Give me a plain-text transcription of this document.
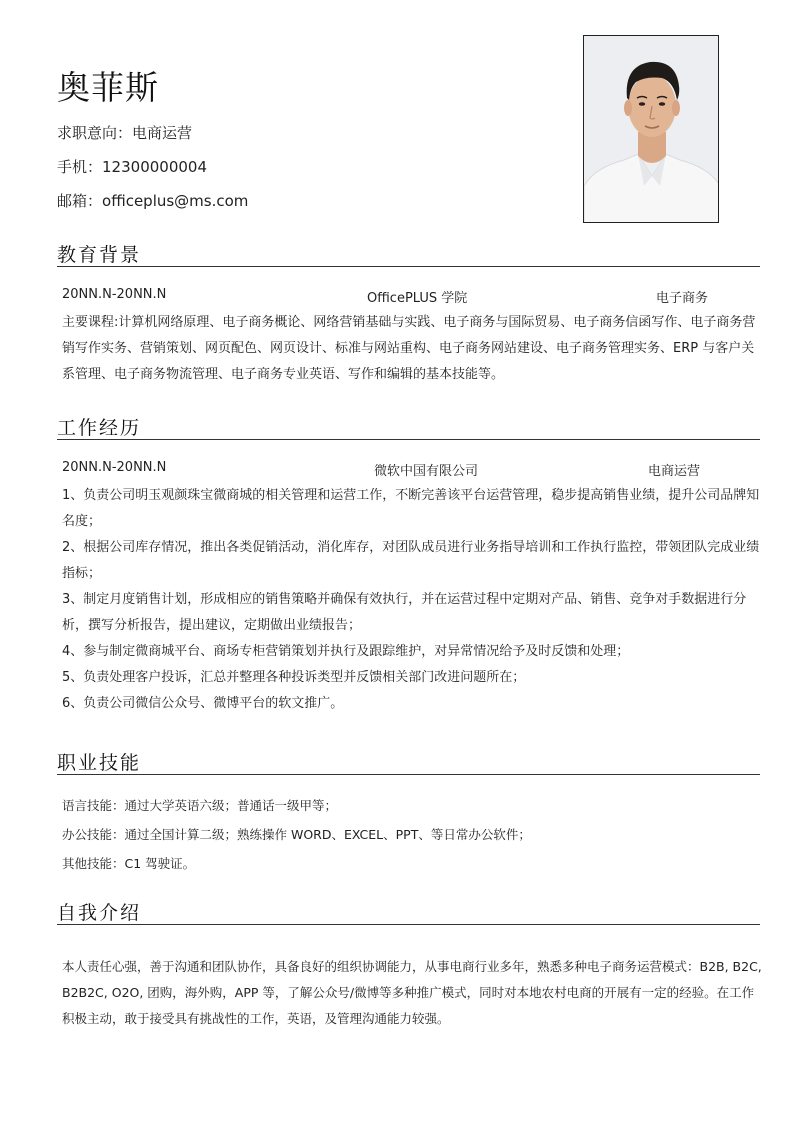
奥菲斯
求职意向：电商运营
手机：12300000004
邮箱：officeplus@ms.com
教育背景
20NN.N-20NN.N	OfficePLUS 学院	电子商务

主要课程:计算机网络原理、电子商务概论、网络营销基础与实践、电子商务与国际贸易、电子商务信函写作、电子商务营销写作实务、营销策划、网页配色、网页设计、标准与网站重构、电子商务网站建设、电子商务管理实务、ERP 与客户关系管理、电子商务物流管理、电子商务专业英语、写作和编辑的基本技能等。

工作经历
20NN.N-20NN.N	微软中国有限公司	电商运营

1、负责公司明玉观颜珠宝微商城的相关管理和运营工作，不断完善该平台运营管理，稳步提高销售业绩，提升公司品牌知名度；

2、根据公司库存情况，推出各类促销活动，消化库存，对团队成员进行业务指导培训和工作执行监控，带领团队完成业绩指标；

3、制定月度销售计划，形成相应的销售策略并确保有效执行，并在运营过程中定期对产品、销售、竞争对手数据进行分析，撰写分析报告，提出建议，定期做出业绩报告；

4、参与制定微商城平台、商场专柜营销策划并执行及跟踪维护，对异常情况给予及时反馈和处理；

5、负责处理客户投诉，汇总并整理各种投诉类型并反馈相关部门改进问题所在；

6、负责公司微信公众号、微博平台的软文推广。

职业技能

语言技能：通过大学英语六级；普通话一级甲等；

办公技能：通过全国计算二级；熟练操作 WORD、EXCEL、PPT、等日常办公软件；

其他技能：C1 驾驶证。

自我介绍

本人责任心强，善于沟通和团队协作，具备良好的组织协调能力，从事电商行业多年，熟悉多种电子商务运营模式：B2B, B2C, B2B2C, O2O, 团购，海外购，APP 等，了解公众号/微博等多种推广模式，同时对本地农村电商的开展有一定的经验。在工作积极主动，敢于接受具有挑战性的工作，英语，及管理沟通能力较强。
